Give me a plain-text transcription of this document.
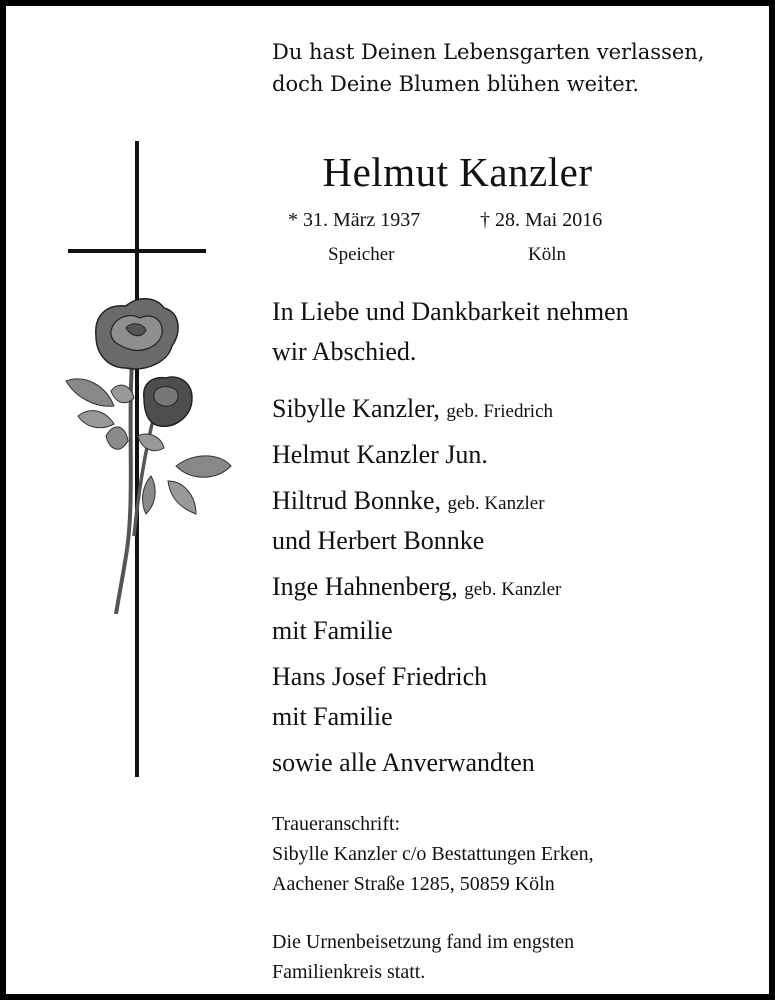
Du hast Deinen Lebensgarten verlassen,
doch Deine Blumen blühen weiter.
Helmut Kanzler
* 31. März 1937	† 28. Mai 2016
Speicher	Köln
In Liebe und Dankbarkeit nehmen
wir Abschied.
Sibylle Kanzler, geb. Friedrich
Helmut Kanzler Jun.
Hiltrud Bonnke, geb. Kanzler
und Herbert Bonnke
Inge Hahnenberg, geb. Kanzler
mit Familie
Hans Josef Friedrich
mit Familie
sowie alle Anverwandten
Traueranschrift:
Sibylle Kanzler c/o Bestattungen Erken,
Aachener Straße 1285, 50859 Köln
Die Urnenbeisetzung fand im engsten
Familienkreis statt.
